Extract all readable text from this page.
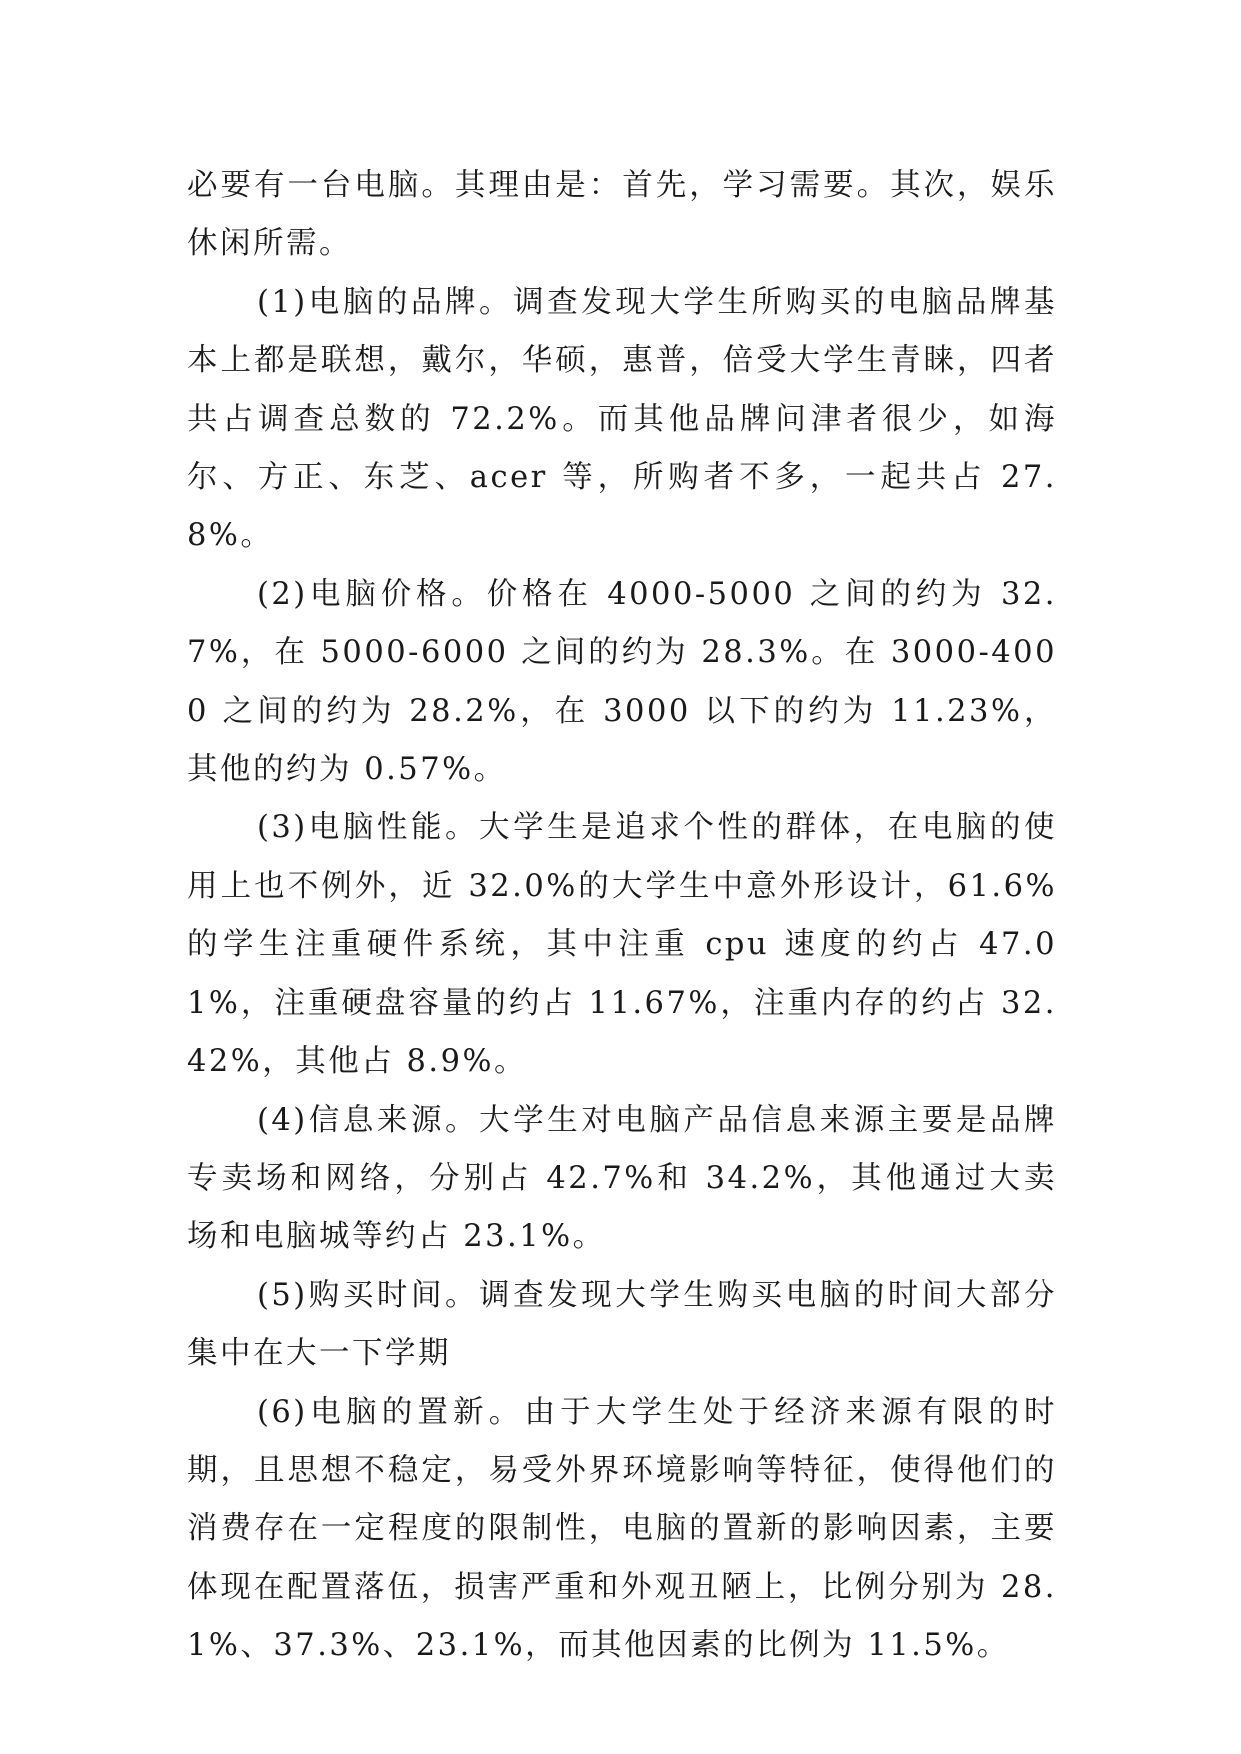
必要有一台电脑。其理由是：首先，学习需要。其次，娱乐休闲所需。

(1)电脑的品牌。调查发现大学生所购买的电脑品牌基本上都是联想，戴尔，华硕，惠普，倍受大学生青睐，四者共占调查总数的 72.2%。而其他品牌问津者很少，如海尔、方正、东芝、acer 等，所购者不多，一起共占 27.8%。

(2)电脑价格。价格在 4000-5000 之间的约为 32.7%，在 5000-6000 之间的约为 28.3%。在 3000-4000 之间的约为 28.2%，在 3000 以下的约为 11.23%，其他的约为 0.57%。

(3)电脑性能。大学生是追求个性的群体，在电脑的使用上也不例外，近 32.0%的大学生中意外形设计，61.6%的学生注重硬件系统，其中注重 cpu 速度的约占 47.01%，注重硬盘容量的约占 11.67%，注重内存的约占 32.42%，其他占 8.9%。

(4)信息来源。大学生对电脑产品信息来源主要是品牌专卖场和网络，分别占 42.7%和 34.2%，其他通过大卖场和电脑城等约占 23.1%。

(5)购买时间。调查发现大学生购买电脑的时间大部分集中在大一下学期

(6)电脑的置新。由于大学生处于经济来源有限的时期，且思想不稳定，易受外界环境影响等特征，使得他们的消费存在一定程度的限制性，电脑的置新的影响因素，主要体现在配置落伍，损害严重和外观丑陋上，比例分别为 28.1%、37.3%、23.1%，而其他因素的比例为 11.5%。
